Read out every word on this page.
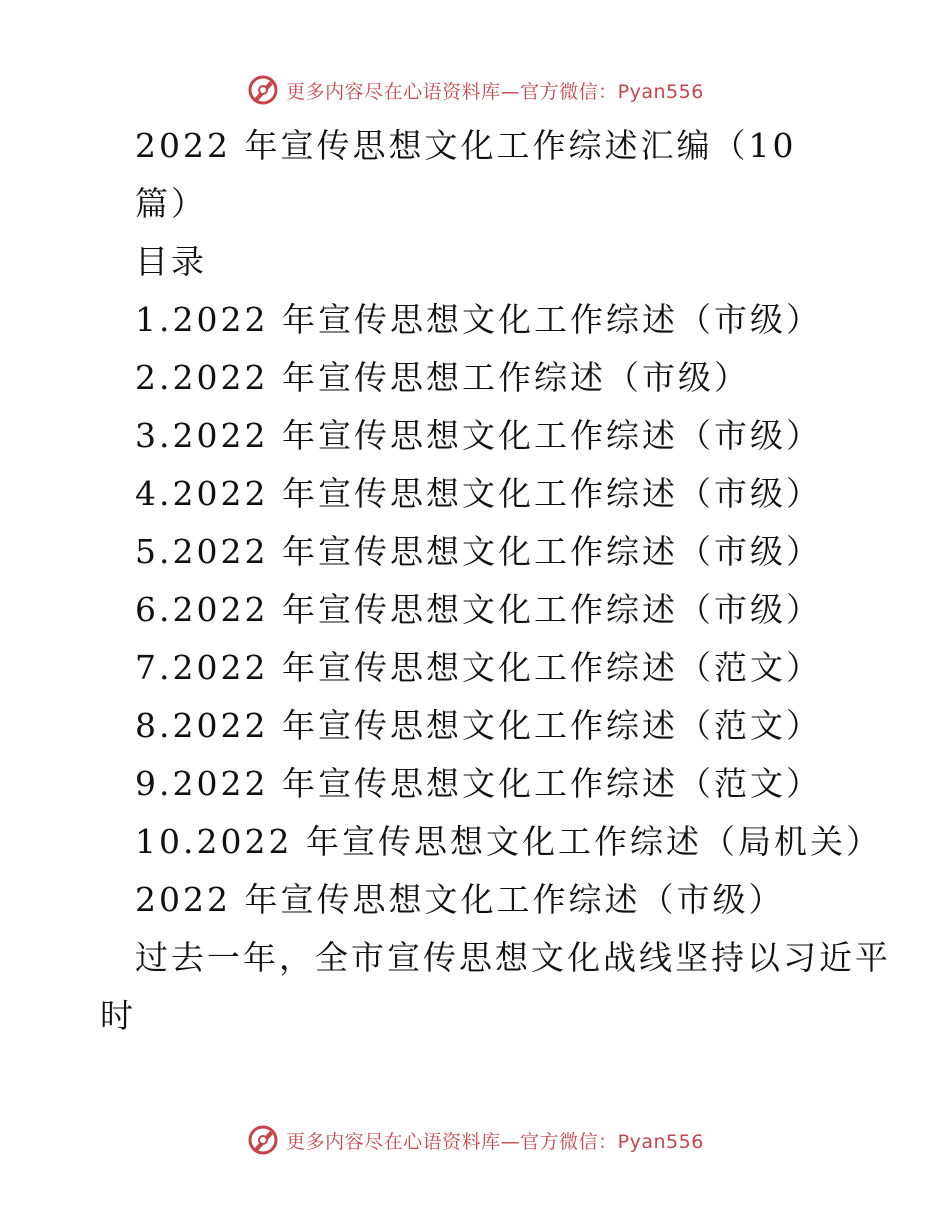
更多内容尽在心语资料库—官方微信：Pyan556
2022 年宣传思想文化工作综述汇编（10
篇）
目录
1.2022 年宣传思想文化工作综述（市级）
2.2022 年宣传思想工作综述（市级）
3.2022 年宣传思想文化工作综述（市级）
4.2022 年宣传思想文化工作综述（市级）
5.2022 年宣传思想文化工作综述（市级）
6.2022 年宣传思想文化工作综述（市级）
7.2022 年宣传思想文化工作综述（范文）
8.2022 年宣传思想文化工作综述（范文）
9.2022 年宣传思想文化工作综述（范文）
10.2022 年宣传思想文化工作综述（局机关）
2022 年宣传思想文化工作综述（市级）
过去一年，全市宣传思想文化战线坚持以习近平
时
更多内容尽在心语资料库—官方微信：Pyan556
